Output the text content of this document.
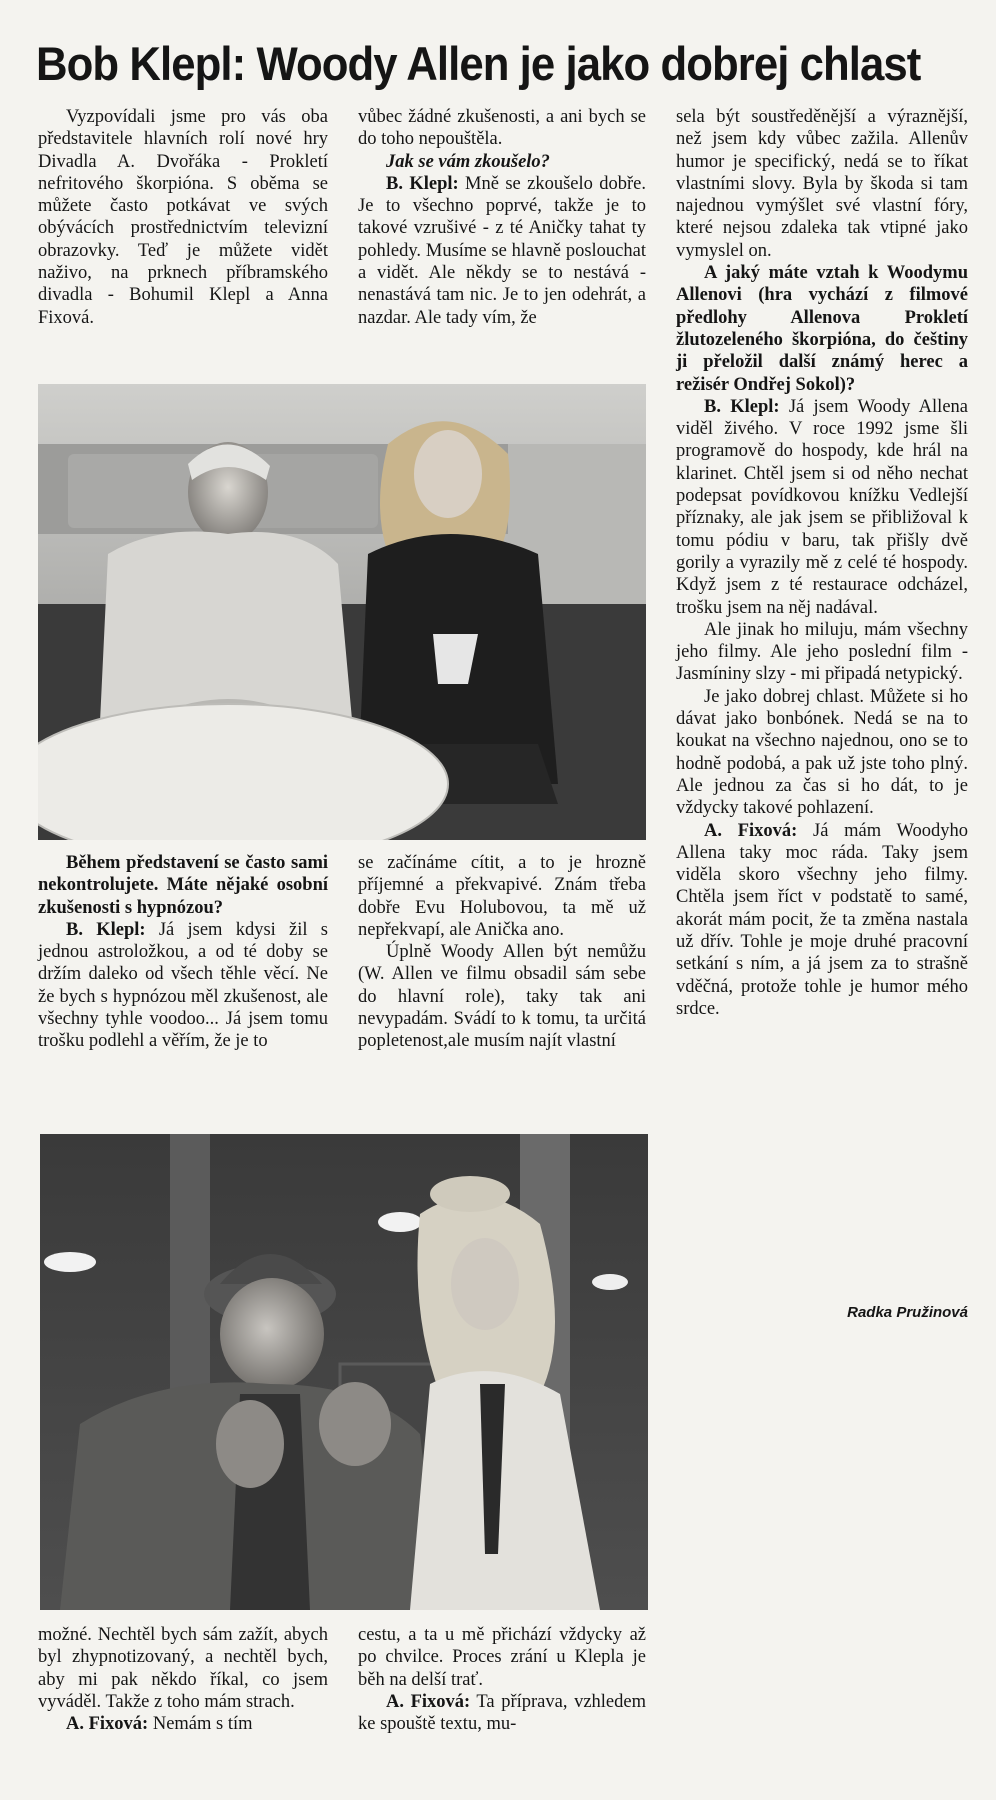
Bob Klepl: Woody Allen je jako dobrej chlast

Vyzpovídali jsme pro vás oba představitele hlavních rolí nové hry Divadla A. Dvořáka - Prokletí nefritového škorpióna. S oběma se můžete často potkávat ve svých obývácích prostřednictvím televizní obrazovky. Teď je můžete vidět naživo, na prknech příbramského divadla - Bohumil Klepl a Anna Fixová.

vůbec žádné zkušenosti, a ani bych se do toho nepouštěla.

Jak se vám zkoušelo?

B. Klepl: Mně se zkoušelo dobře. Je to všechno poprvé, takže je to takové vzrušivé - z té Aničky tahat ty pohledy. Musíme se hlavně poslouchat a vidět. Ale někdy se to nestává - nenastává tam nic. Je to jen odehrát, a nazdar. Ale tady vím, že

sela být soustředěnější a výraznější, než jsem kdy vůbec zažila. Allenův humor je specifický, nedá se to říkat vlastními slovy. Byla by škoda si tam najednou vymýšlet své vlastní fóry, které nejsou zdaleka tak vtipné jako vymyslel on.

A jaký máte vztah k Woodymu Allenovi (hra vychází z filmové předlohy Allenova Prokletí žlutozeleného škorpióna, do češtiny ji přeložil další známý herec a režisér Ondřej Sokol)?

B. Klepl: Já jsem Woody Allena viděl živého. V roce 1992 jsme šli programově do hospody, kde hrál na klarinet. Chtěl jsem si od něho nechat podepsat povídkovou knížku Vedlejší příznaky, ale jak jsem se přibližoval k tomu pódiu v baru, tak přišly dvě gorily a vyrazily mě z celé té hospody. Když jsem z té restaurace odcházel, trošku jsem na něj nadával.

Ale jinak ho miluju, mám všechny jeho filmy. Ale jeho poslední film - Jasmíniny slzy - mi připadá netypický.

Je jako dobrej chlast. Můžete si ho dávat jako bonbónek. Nedá se na to koukat na všechno najednou, ono se to hodně podobá, a pak už jste toho plný. Ale jednou za čas si ho dát, to je vždycky takové pohlazení.

A. Fixová: Já mám Woodyho Allena taky moc ráda. Taky jsem viděla skoro všechny jeho filmy. Chtěla jsem říct v podstatě to samé, akorát mám pocit, že ta změna nastala už dřív. Tohle je moje druhé pracovní setkání s ním, a já jsem za to strašně vděčná, protože tohle je humor mého srdce.

Radka Pružinová

Během představení se často sami nekontrolujete. Máte nějaké osobní zkušenosti s hypnózou?

B. Klepl: Já jsem kdysi žil s jednou astroložkou, a od té doby se držím daleko od všech těhle věcí. Ne že bych s hypnózou měl zkušenost, ale všechny tyhle voodoo... Já jsem tomu trošku podlehl a věřím, že je to

se začínáme cítit, a to je hrozně příjemné a překvapivé. Znám třeba dobře Evu Holubovou, ta mě už nepřekvapí, ale Anička ano.

Úplně Woody Allen být nemůžu (W. Allen ve filmu obsadil sám sebe do hlavní role), taky tak ani nevypadám. Svádí to k tomu, ta určitá popletenost,ale musím najít vlastní

možné. Nechtěl bych sám zažít, abych byl zhypnotizovaný, a nechtěl bych, aby mi pak někdo říkal, co jsem vyváděl. Takže z toho mám strach.

A. Fixová: Nemám s tím

cestu, a ta u mě přichází vždycky až po chvilce. Proces zrání u Klepla je běh na delší trať.

A. Fixová: Ta příprava, vzhledem ke spouště textu, mu-
